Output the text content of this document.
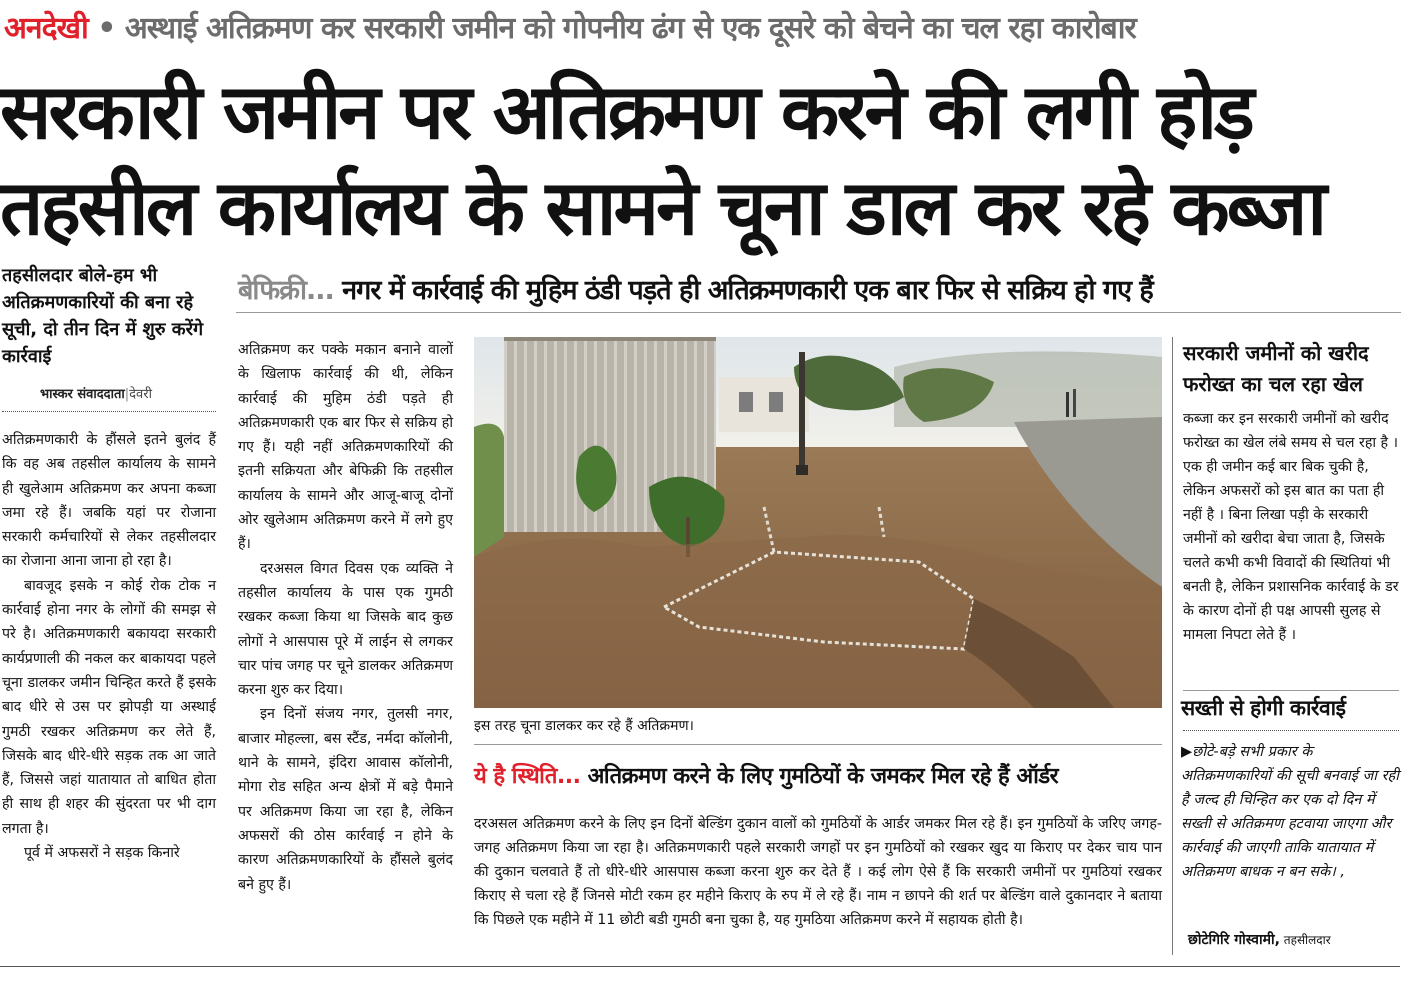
अनदेखी • अस्थाई अतिक्रमण कर सरकारी जमीन को गोपनीय ढंग से एक दूसरे को बेचने का चल रहा कारोबार
सरकारी जमीन पर अतिक्रमण करने की लगी होड़
तहसील कार्यालय के सामने चूना डाल कर रहे कब्जा
तहसीलदार बोले-हम भी अतिक्रमणकारियों की बना रहे सूची, दो तीन दिन में शुरु करेंगे कार्रवाई
भास्कर संवाददाता|देवरी
बेफिक्री... नगर में कार्रवाई की मुहिम ठंडी पड़ते ही अतिक्रमणकारी एक बार फिर से सक्रिय हो गए हैं

अतिक्रमणकारी के हौंसले इतने बुलंद हैं कि वह अब तहसील कार्यालय के सामने ही खुलेआम अतिक्रमण कर अपना कब्जा जमा रहे हैं। जबकि यहां पर रोजाना सरकारी कर्मचारियों से लेकर तहसीलदार का रोजाना आना जाना हो रहा है।

बावजूद इसके न कोई रोक टोक न कार्रवाई होना नगर के लोगों की समझ से परे है। अतिक्रमणकारी बकायदा सरकारी कार्यप्रणाली की नकल कर बाकायदा पहले चूना डालकर जमीन चिन्हित करते हैं इसके बाद धीरे से उस पर झोपड़ी या अस्थाई गुमठी रखकर अतिक्रमण कर लेते हैं, जिसके बाद धीरे-धीरे सड़क तक आ जाते हैं, जिससे जहां यातायात तो बाधित होता ही साथ ही शहर की सुंदरता पर भी दाग लगता है।

पूर्व में अफसरों ने सड़क किनारे

अतिक्रमण कर पक्के मकान बनाने वालों के खिलाफ कार्रवाई की थी, लेकिन कार्रवाई की मुहिम ठंडी पड़ते ही अतिक्रमणकारी एक बार फिर से सक्रिय हो गए हैं। यही नहीं अतिक्रमणकारियों की इतनी सक्रियता और बेफिक्री कि तहसील कार्यालय के सामने और आजू-बाजू दोनों ओर खुलेआम अतिक्रमण करने में लगे हुए हैं।

दरअसल विगत दिवस एक व्यक्ति ने तहसील कार्यालय के पास एक गुमठी रखकर कब्जा किया था जिसके बाद कुछ लोगों ने आसपास पूरे में लाईन से लगकर चार पांच जगह पर चूने डालकर अतिक्रमण करना शुरु कर दिया।

इन दिनों संजय नगर, तुलसी नगर, बाजार मोहल्ला, बस स्टैंड, नर्मदा कॉलोनी, थाने के सामने, इंदिरा आवास कॉलोनी, मोगा रोड सहित अन्य क्षेत्रों में बड़े पैमाने पर अतिक्रमण किया जा रहा है, लेकिन अफसरों की ठोस कार्रवाई न होने के कारण अतिक्रमणकारियों के हौंसले बुलंद बने हुए हैं।

इस तरह चूना डालकर कर रहे हैं अतिक्रमण।
ये है स्थिति... अतिक्रमण करने के लिए गुमठियों के जमकर मिल रहे हैं ऑर्डर
दरअसल अतिक्रमण करने के लिए इन दिनों बेल्डिंग दुकान वालों को गुमठियों के आर्डर जमकर मिल रहे हैं। इन गुमठियों के जरिए जगह-जगह अतिक्रमण किया जा रहा है। अतिक्रमणकारी पहले सरकारी जगहों पर इन गुमठियों को रखकर खुद या किराए पर देकर चाय पान की दुकान चलवाते हैं तो धीरे-धीरे आसपास कब्जा करना शुरु कर देते हैं । कई लोग ऐसे हैं कि सरकारी जमीनों पर गुमठियां रखकर किराए से चला रहे हैं जिनसे मोटी रकम हर महीने किराए के रुप में ले रहे हैं। नाम न छापने की शर्त पर बेल्डिंग वाले दुकानदार ने बताया कि पिछले एक महीने में 11 छोटी बडी गुमठी बना चुका है, यह गुमठिया अतिक्रमण करने में सहायक होती है।
सरकारी जमीनों को खरीद फरोख्त का चल रहा खेल
कब्जा कर इन सरकारी जमीनों को खरीद फरोख्त का खेल लंबे समय से चल रहा है । एक ही जमीन कई बार बिक चुकी है, लेकिन अफसरों को इस बात का पता ही नहीं है । बिना लिखा पड़ी के सरकारी जमीनों को खरीदा बेचा जाता है, जिसके चलते कभी कभी विवादों की स्थितियां भी बनती है, लेकिन प्रशासनिक कार्रवाई के डर के कारण दोनों ही पक्ष आपसी सुलह से मामला निपटा लेते हैं ।
सख्ती से होगी कार्रवाई
▶छोटे-बड़े सभी प्रकार के अतिक्रमणकारियों की सूची बनवाई जा रही है जल्द ही चिन्हित कर एक दो दिन में सख्ती से अतिक्रमण हटवाया जाएगा और कार्रवाई की जाएगी ताकि यातायात में अतिक्रमण बाधक न बन सके। ,
छोटेगिरि गोस्वामी, तहसीलदार
